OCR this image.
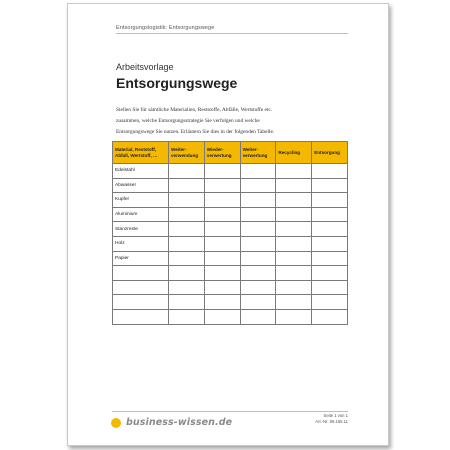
Entsorgungslogistik: Entsorgungswege
Arbeitsvorlage
Entsorgungswege
Stellen Sie für sämtliche Materialien, Reststoffe, Abfälle, Wertstoffe etc.
zusammen, welche Entsorgungsstrategie Sie verfolgen und welche
Entsorgungswege Sie nutzen. Erläutern Sie dies in der folgenden Tabelle.
Material, Reststoff, Abfall, Wertstoff, …	Weiter-verwendung	Wieder-verwertung	Weiter-verwertung	Recycling	Entsorgung
Edelstahl					
Abwasser					
Kupfer					
Aluminium					
Stanzreste					
Holz					
Papier					

business-wissen.de
Seite 1 von 1
Art.-Nr. 99.165.11
